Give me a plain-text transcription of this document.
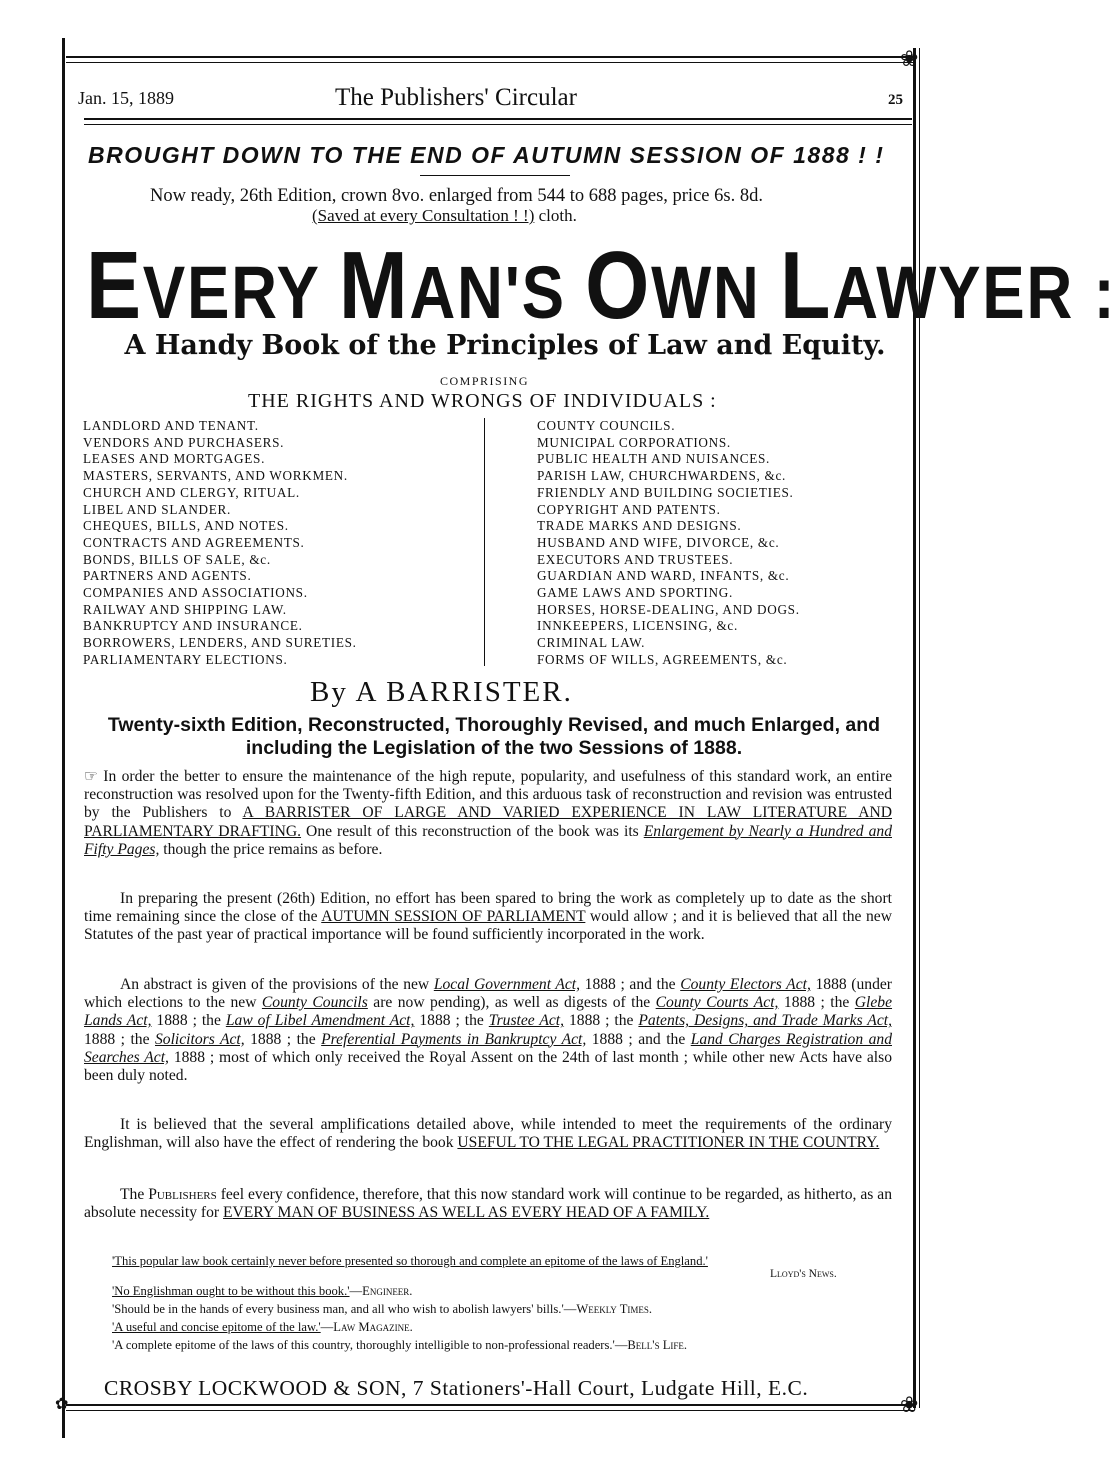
❀
❀
✿
Jan. 15, 1889	The Publishers' Circular	25
BROUGHT DOWN TO THE END OF AUTUMN SESSION OF 1888 ! !
Now ready, 26th Edition, crown 8vo. enlarged from 544 to 688 pages, price 6s. 8d.
(Saved at every Consultation ! !) cloth.
EVERY MAN'S OWN LAWYER :
A Handy Book of the Principles of Law and Equity.
COMPRISING
THE RIGHTS AND WRONGS OF INDIVIDUALS :
LANDLORD AND TENANT.
VENDORS AND PURCHASERS.
LEASES AND MORTGAGES.
MASTERS, SERVANTS, AND WORKMEN.
CHURCH AND CLERGY, RITUAL.
LIBEL AND SLANDER.
CHEQUES, BILLS, AND NOTES.
CONTRACTS AND AGREEMENTS.
BONDS, BILLS OF SALE, &c.
PARTNERS AND AGENTS.
COMPANIES AND ASSOCIATIONS.
RAILWAY AND SHIPPING LAW.
BANKRUPTCY AND INSURANCE.
BORROWERS, LENDERS, AND SURETIES.
PARLIAMENTARY ELECTIONS.
COUNTY COUNCILS.
MUNICIPAL CORPORATIONS.
PUBLIC HEALTH AND NUISANCES.
PARISH LAW, CHURCHWARDENS, &c.
FRIENDLY AND BUILDING SOCIETIES.
COPYRIGHT AND PATENTS.
TRADE MARKS AND DESIGNS.
HUSBAND AND WIFE, DIVORCE, &c.
EXECUTORS AND TRUSTEES.
GUARDIAN AND WARD, INFANTS, &c.
GAME LAWS AND SPORTING.
HORSES, HORSE-DEALING, AND DOGS.
INNKEEPERS, LICENSING, &c.
CRIMINAL LAW.
FORMS OF WILLS, AGREEMENTS, &c.
By A BARRISTER.
Twenty-sixth Edition, Reconstructed, Thoroughly Revised, and much Enlarged, and including the Legislation of the two Sessions of 1888.
☞ In order the better to ensure the maintenance of the high repute, popularity, and usefulness of this standard work, an entire reconstruction was resolved upon for the Twenty-fifth Edition, and this arduous task of reconstruction and revision was entrusted by the Publishers to A BARRISTER OF LARGE AND VARIED EXPERIENCE IN LAW LITERATURE AND PARLIAMENTARY DRAFTING. One result of this reconstruction of the book was its Enlargement by Nearly a Hundred and Fifty Pages, though the price remains as before.
In preparing the present (26th) Edition, no effort has been spared to bring the work as completely up to date as the short time remaining since the close of the AUTUMN SESSION OF PARLIAMENT would allow ; and it is believed that all the new Statutes of the past year of practical importance will be found sufficiently incorporated in the work.
An abstract is given of the provisions of the new Local Government Act, 1888 ; and the County Electors Act, 1888 (under which elections to the new County Councils are now pending), as well as digests of the County Courts Act, 1888 ; the Glebe Lands Act, 1888 ; the Law of Libel Amendment Act, 1888 ; the Trustee Act, 1888 ; the Patents, Designs, and Trade Marks Act, 1888 ; the Solicitors Act, 1888 ; the Preferential Payments in Bankruptcy Act, 1888 ; and the Land Charges Registration and Searches Act, 1888 ; most of which only received the Royal Assent on the 24th of last month ; while other new Acts have also been duly noted.
It is believed that the several amplifications detailed above, while intended to meet the requirements of the ordinary Englishman, will also have the effect of rendering the book USEFUL TO THE LEGAL PRACTITIONER IN THE COUNTRY.
The Publishers feel every confidence, therefore, that this now standard work will continue to be regarded, as hitherto, as an absolute necessity for EVERY MAN OF BUSINESS AS WELL AS EVERY HEAD OF A FAMILY.
'This popular law book certainly never before presented so thorough and complete an epitome of the laws of England.'
Lloyd's News.
'No Englishman ought to be without this book.'—Engineer.
'Should be in the hands of every business man, and all who wish to abolish lawyers' bills.'—Weekly Times.
'A useful and concise epitome of the law.'—Law Magazine.
'A complete epitome of the laws of this country, thoroughly intelligible to non-professional readers.'—Bell's Life.
CROSBY LOCKWOOD & SON, 7 Stationers'-Hall Court, Ludgate Hill, E.C.
